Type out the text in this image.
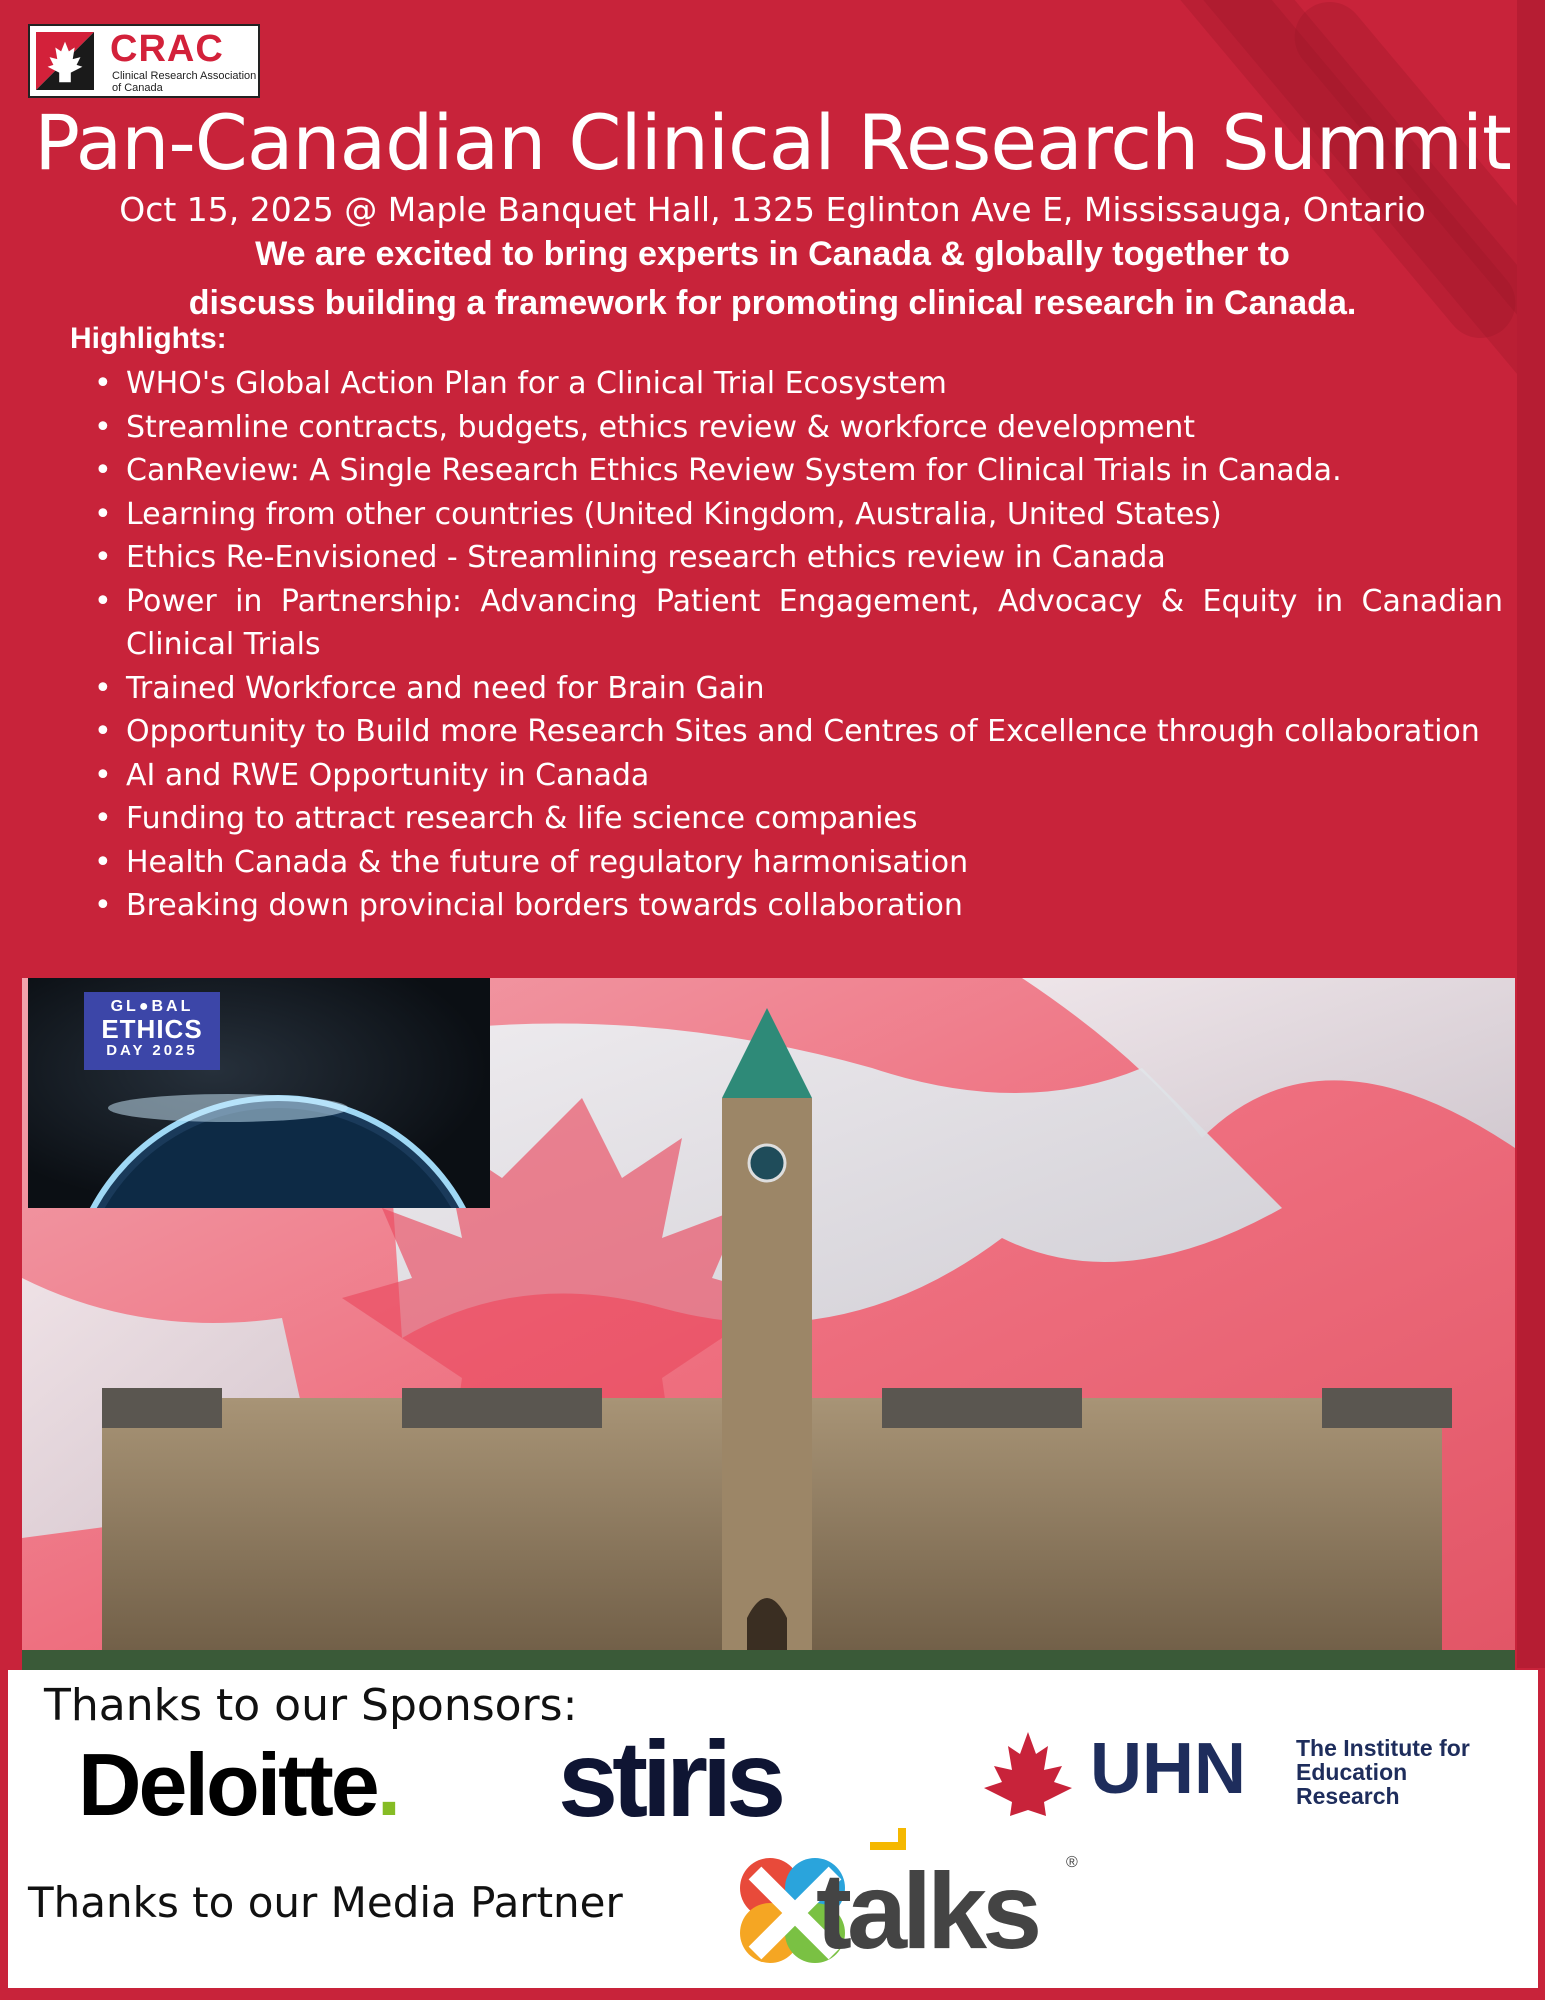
CRAC
Clinical Research Association of Canada
Pan-Canadian Clinical Research Summit
Oct 15, 2025 @ Maple Banquet Hall, 1325 Eglinton Ave E, Mississauga, Ontario
We are excited to bring experts in Canada & globally together to
discuss building a framework for promoting clinical research in Canada.
Highlights:
• WHO's Global Action Plan for a Clinical Trial Ecosystem
• Streamline contracts, budgets, ethics review & workforce development
• CanReview: A Single Research Ethics Review System for Clinical Trials in Canada.
• Learning from other countries (United Kingdom, Australia, United States)
• Ethics Re-Envisioned - Streamlining research ethics review in Canada
• Power in Partnership: Advancing Patient Engagement, Advocacy & Equity in Canadian Clinical Trials
• Trained Workforce and need for Brain Gain
• Opportunity to Build more Research Sites and Centres of Excellence through collaboration
• AI and RWE Opportunity in Canada
• Funding to attract research & life science companies
• Health Canada & the future of regulatory harmonisation
• Breaking down provincial borders towards collaboration
GL●BAL
ETHICS
DAY 2025
Thanks to our Sponsors:
Deloitte. stiris	UHN The Institute for Education Research
Thanks to our Media Partner talks ®
